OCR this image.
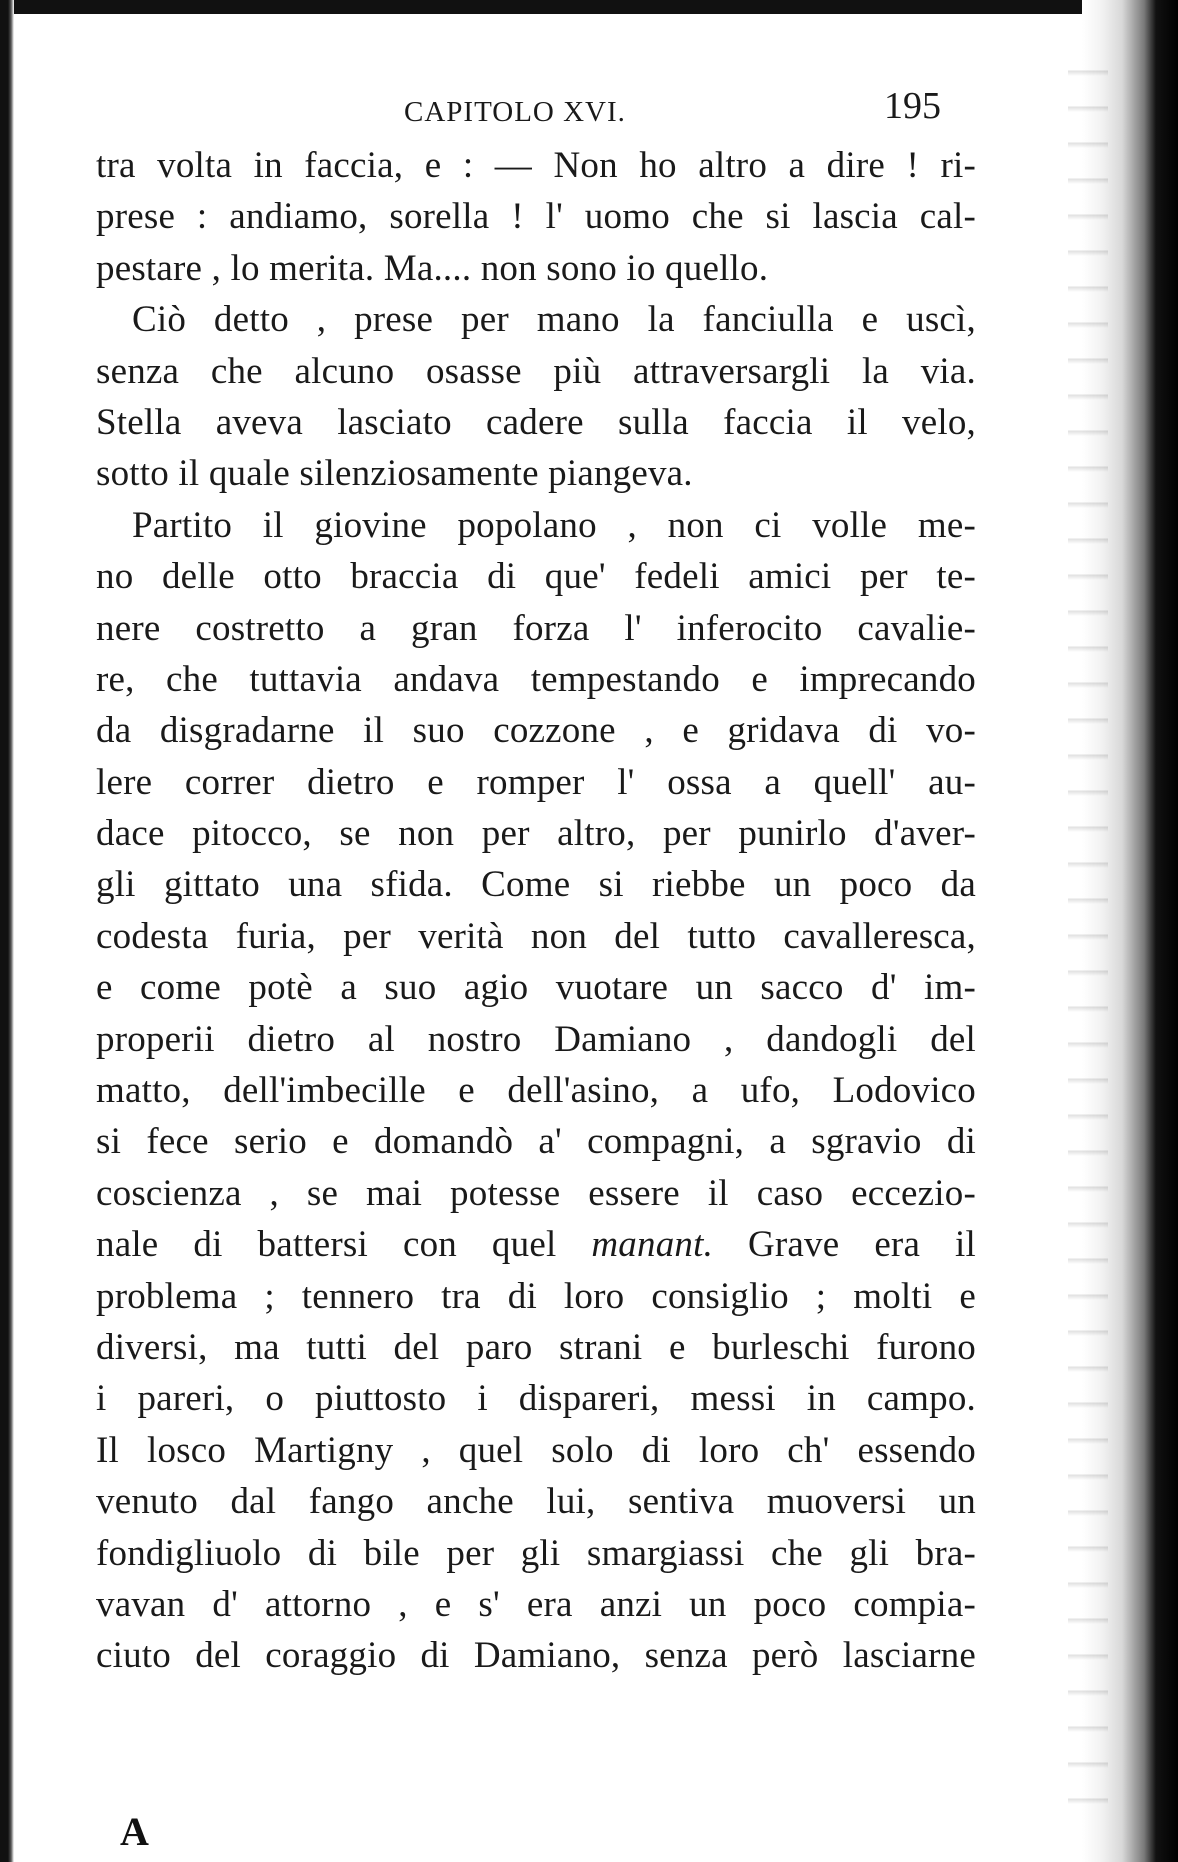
CAPITOLO XVI.	195
tra volta in faccia, e : — Non ho altro a dire ! ri-
prese : andiamo, sorella ! l' uomo che si lascia cal-
pestare , lo merita. Ma.... non sono io quello.
Ciò detto , prese per mano la fanciulla e uscì,
senza che alcuno osasse più attraversargli la via.
Stella aveva lasciato cadere sulla faccia il velo,
sotto il quale silenziosamente piangeva.
Partito il giovine popolano , non ci volle me-
no delle otto braccia di que' fedeli amici per te-
nere costretto a gran forza l' inferocito cavalie-
re, che tuttavia andava tempestando e imprecando
da disgradarne il suo cozzone , e gridava di vo-
lere correr dietro e romper l' ossa a quell' au-
dace pitocco, se non per altro, per punirlo d'aver-
gli gittato una sfida. Come si riebbe un poco da
codesta furia, per verità non del tutto cavalleresca,
e come potè a suo agio vuotare un sacco d' im-
properii dietro al nostro Damiano , dandogli del
matto, dell'imbecille e dell'asino, a ufo, Lodovico
si fece serio e domandò a' compagni, a sgravio di
coscienza , se mai potesse essere il caso eccezio-
nale di battersi con quel manant. Grave era il
problema ; tennero tra di loro consiglio ; molti e
diversi, ma tutti del paro strani e burleschi furono
i pareri, o piuttosto i dispareri, messi in campo.
Il losco Martigny , quel solo di loro ch' essendo
venuto dal fango anche lui, sentiva muoversi un
fondigliuolo di bile per gli smargiassi che gli bra-
vavan d' attorno , e s' era anzi un poco compia-
ciuto del coraggio di Damiano, senza però lasciarne
A
